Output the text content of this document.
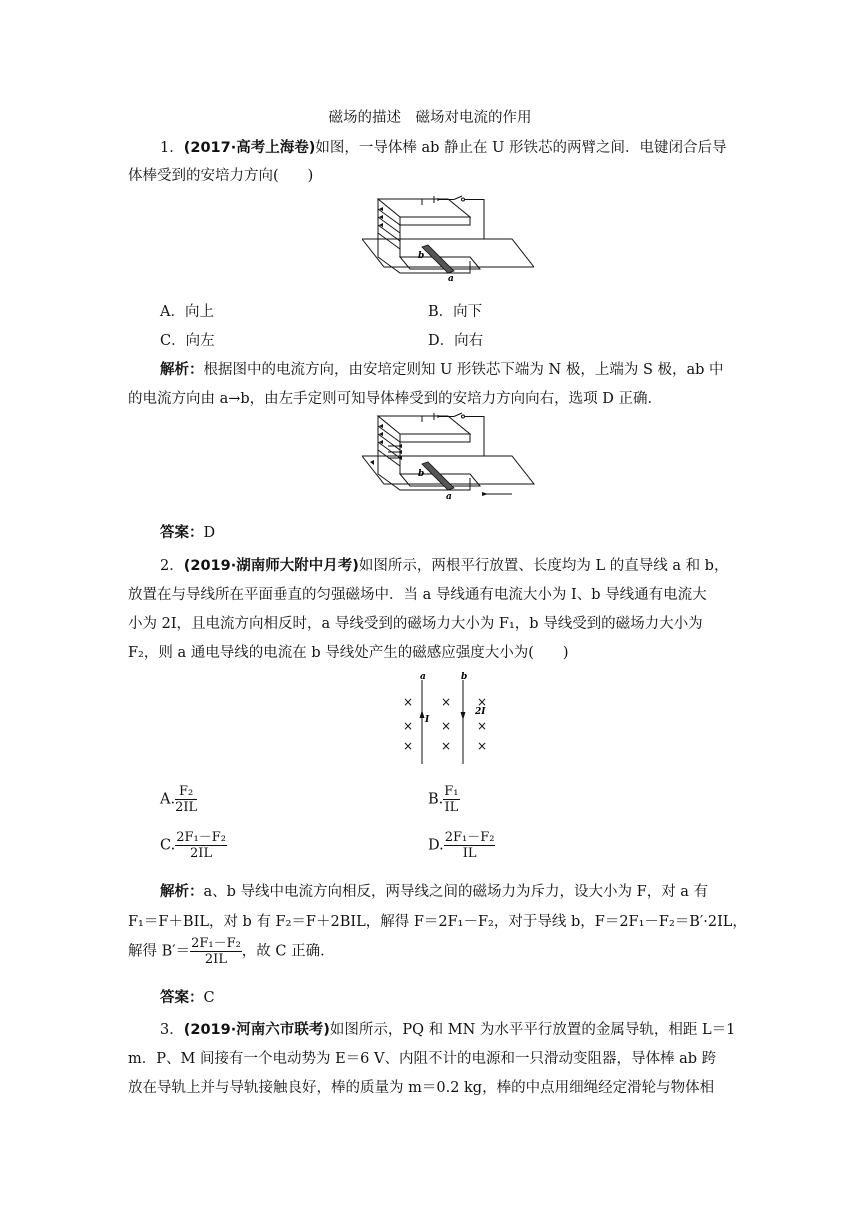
磁场的描述　磁场对电流的作用
1．(2017·高考上海卷)如图，一导体棒 ab 静止在 U 形铁芯的两臂之间．电键闭合后导
体棒受到的安培力方向(　　)
b
a
A．向上	B．向下
C．向左	D．向右
解析：根据图中的电流方向，由安培定则知 U 形铁芯下端为 N 极，上端为 S 极，ab 中
的电流方向由 a→b，由左手定则可知导体棒受到的安培力方向向右，选项 D 正确．
b
a
答案：D
2．(2019·湖南师大附中月考)如图所示，两根平行放置、长度均为 L 的直导线 a 和 b，
放置在与导线所在平面垂直的匀强磁场中．当 a 导线通有电流大小为 I、b 导线通有电流大
小为 2I，且电流方向相反时，a 导线受到的磁场力大小为 F₁，b 导线受到的磁场力大小为
F₂，则 a 通电导线的电流在 b 导线处产生的磁感应强度大小为(　　)
a	b
I
2I
×
×
×
×
×
×
×
×
×
A. $\frac{\text{F₂}}{2IL}$	B. $\frac{\text{F₁}}{IL}$
C. $\frac{\text{2F₁－F₂}}{2IL}$	D. $\frac{\text{2F₁－F₂}}{IL}$
解析：a、b 导线中电流方向相反，两导线之间的磁场力为斥力，设大小为 F，对 a 有
F₁＝F＋BIL，对 b 有 F₂＝F＋2BIL，解得 F＝2F₁－F₂，对于导线 b，F＝2F₁－F₂＝B′·2IL，
解得 $B'= \frac{\text{2F₁－F₂}}{2IL}$ ，故 C 正确．
答案：C
3．(2019·河南六市联考)如图所示，PQ 和 MN 为水平平行放置的金属导轨，相距 L＝1
m．P、M 间接有一个电动势为 E＝6 V、内阻不计的电源和一只滑动变阻器，导体棒 ab 跨
放在导轨上并与导轨接触良好，棒的质量为 m＝0.2 kg，棒的中点用细绳经定滑轮与物体相
